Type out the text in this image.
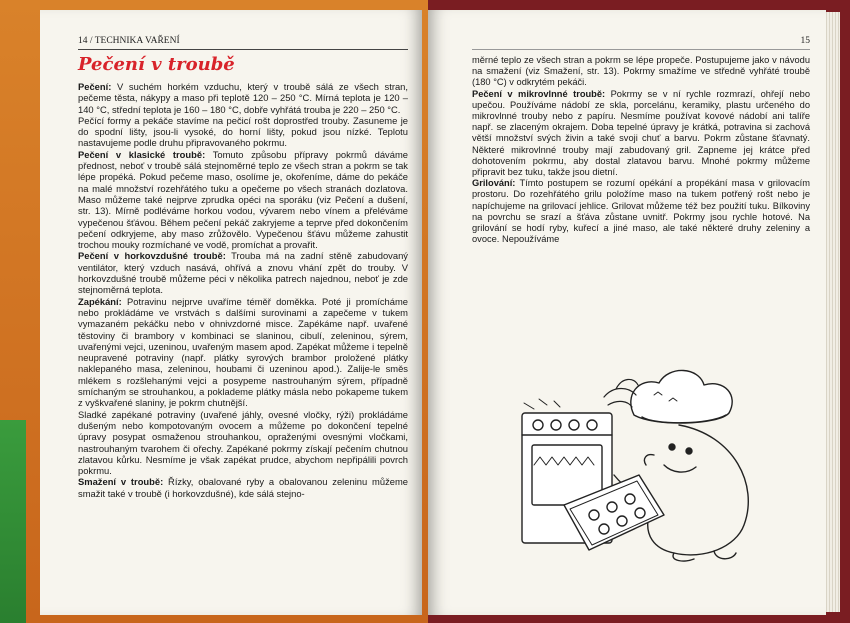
14 / TECHNIKA VAŘENÍ
Pečení v troubě

Pečení: V suchém horkém vzduchu, který v troubě sálá ze všech stran, pečeme těsta, nákypy a maso při teplotě 120 – 250 °C. Mírná teplota je 120 – 140 °C, střední teplota je 160 – 180 °C, dobře vyhřátá trouba je 220 – 250 °C.

Pečící formy a pekáče stavíme na pečicí rošt doprostřed trouby. Zasuneme je do spodní lišty, jsou-li vysoké, do horní lišty, pokud jsou nízké. Teplotu nastavujeme podle druhu připravovaného pokrmu.

Pečení v klasické troubě: Tomuto způsobu přípravy pokrmů dáváme přednost, neboť v troubě sálá stejnoměrné teplo ze všech stran a pokrm se tak lépe propéká. Pokud pečeme maso, osolíme je, okořeníme, dáme do pekáče na malé množství rozehřátého tuku a opečeme po všech stranách dozlatova. Maso můžeme také nejprve zprudka opéci na sporáku (viz Pečení a dušení, str. 13). Mírně podléváme horkou vodou, vývarem nebo vínem a přeléváme vypečenou šťávou. Během pečení pekáč zakryjeme a teprve před dokončením pečení odkryjeme, aby maso zrůžovělo. Vypečenou šťávu můžeme zahustit trochou mouky rozmíchané ve vodě, promíchat a provařit.

Pečení v horkovzdušné troubě: Trouba má na zadní stěně zabudovaný ventilátor, který vzduch nasává, ohřívá a znovu vhání zpět do trouby. V horkovzdušné troubě můžeme péci v několika patrech najednou, neboť je zde stejnoměrná teplota.

Zapékání: Potravinu nejprve uvaříme téměř doměkka. Poté ji promícháme nebo prokládáme ve vrstvách s dalšími surovinami a zapečeme v tukem vymazaném pekáčku nebo v ohnivzdorné misce. Zapékáme např. uvařené těstoviny či brambory v kombinaci se slaninou, cibulí, zeleninou, sýrem, uvařenými vejci, uzeninou, uvařeným masem apod. Zapékat můžeme i tepelně neupravené potraviny (např. plátky syrových brambor proložené plátky naklepaného masa, zeleninou, houbami či uzeninou apod.). Zalije-le směs mlékem s rozšlehanými vejci a posypeme nastrouhaným sýrem, případně smíchaným se strouhankou, a poklademe plátky másla nebo pokapeme tukem z vyškvařené slaniny, je pokrm chutnější.

Sladké zapékané potraviny (uvařené jáhly, ovesné vločky, rýži) prokládáme dušeným nebo kompotovaným ovocem a můžeme po dokončení tepelné úpravy posypat osmaženou strouhankou, opraženými ovesnými vločkami, nastrouhaným tvarohem či ořechy. Zapékané pokrmy získají pečením chutnou zlatavou kůrku. Nesmíme je však zapékat prudce, abychom nepřipálili povrch pokrmu.

Smažení v troubě: Řízky, obalované ryby a obalovanou zeleninu můžeme smažit také v troubě (i horkovzdušné), kde sálá stejno-

15

měrné teplo ze všech stran a pokrm se lépe propeče. Postupujeme jako v návodu na smažení (viz Smažení, str. 13). Pokrmy smažíme ve středně vyhřáté troubě (180 °C) v odkrytém pekáči.

Pečení v mikrovlnné troubě: Pokrmy se v ní rychle rozmrazí, ohřejí nebo upečou. Používáme nádobí ze skla, porcelánu, keramiky, plastu určeného do mikrovlnné trouby nebo z papíru. Nesmíme používat kovové nádobí ani talíře např. se zlaceným okrajem. Doba tepelné úpravy je krátká, potravina si zachová větší množství svých živin a také svoji chuť a barvu. Pokrm zůstane šťavnatý. Některé mikrovlnné trouby mají zabudovaný gril. Zapneme jej krátce před dohotovením pokrmu, aby dostal zlatavou barvu. Mnohé pokrmy můžeme připravit bez tuku, takže jsou dietní.

Grilování: Tímto postupem se rozumí opékání a propékání masa v grilovacím prostoru. Do rozehřátého grilu položíme maso na tukem potřený rošt nebo je napíchujeme na grilovací jehlice. Grilovat můžeme též bez použití tuku. Bílkoviny na povrchu se srazí a šťáva zůstane uvnitř. Pokrmy jsou rychle hotové. Na grilování se hodí ryby, kuřecí a jiné maso, ale také některé druhy zeleniny a ovoce. Nepoužíváme
